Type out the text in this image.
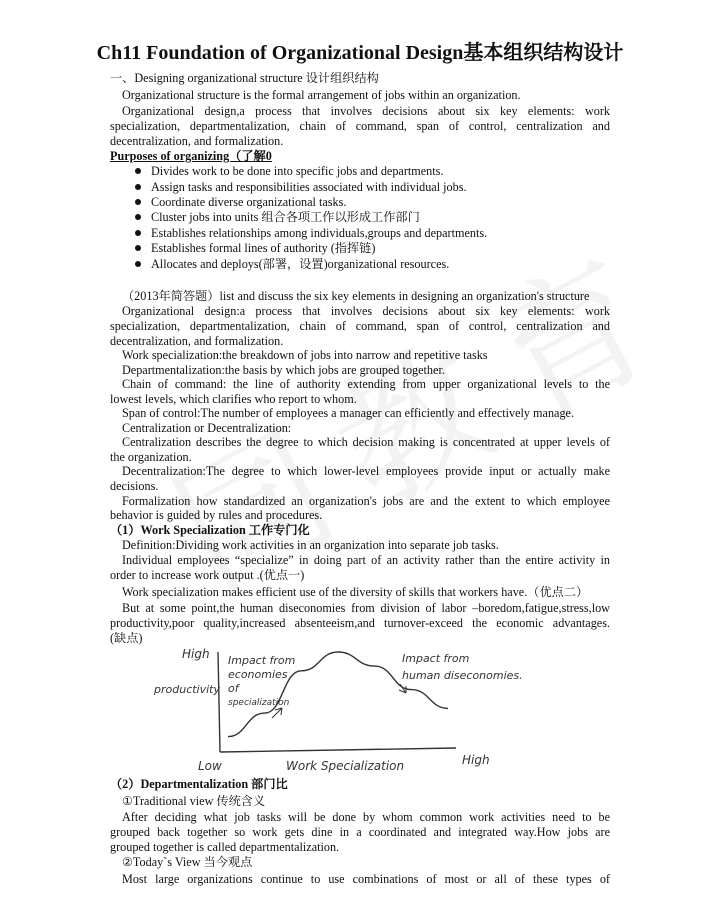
Ch11 Foundation of Organizational Design基本组织结构设计
一、Designing organizational structure 设计组织结构
Organizational structure is the formal arrangement of jobs within an organization.
Organizational design,a process that involves decisions about six key elements: work
specialization, departmentalization, chain of command, span of control, centralization and
decentralization, and formalization.
Purposes of organizing（了解0
Divides work to be done into specific jobs and departments.
Assign tasks and responsibilities associated with individual jobs.
Coordinate diverse organizational tasks.
Cluster jobs into units 组合各项工作以形成工作部门
Establishes relationships among individuals,groups and departments.
Establishes formal lines of authority (指挥链)
Allocates and deploys(部署，设置)organizational resources.
（2013年简答题）list and discuss the six key elements in designing an organization's structure
Organizational design:a process that involves decisions about six key elements: work
specialization, departmentalization, chain of command, span of control, centralization and
decentralization, and formalization.
Work specialization:the breakdown of jobs into narrow and repetitive tasks
Departmentalization:the basis by which jobs are grouped together.
Chain of command: the line of authority extending from upper organizational levels to the
lowest levels, which clarifies who report to whom.
Span of control:The number of employees a manager can efficiently and effectively manage.
Centralization or Decentralization:
Centralization describes the degree to which decision making is concentrated at upper levels of
the organization.
Decentralization:The degree to which lower-level employees provide input or actually make
decisions.
Formalization how standardized an organization's jobs are and the extent to which employee
behavior is guided by rules and procedures.
（1）Work Specialization 工作专门化
Definition:Dividing work activities in an organization into separate job tasks.
Individual employees “specialize” in doing part of an activity rather than the entire activity in
order to increase work output .(优点一)
Work specialization makes efficient use of the diversity of skills that workers have.（优点二）
But at some point,the human diseconomies from division of labor –boredom,fatigue,stress,low
productivity,poor quality,increased absenteeism,and turnover-exceed the economic advantages.
(缺点)
High
productivity
Impact from
economies
of
specialization
Impact from
human diseconomies.
Low	Work Specialization	High
（2）Departmentalization 部门比
①Traditional view 传统含义
After deciding what job tasks will be done by whom common work activities need to be
grouped back together so work gets dine in a coordinated and integrated way.How jobs are
grouped together is called departmentalization.
②Today`s View 当今观点
Most large organizations continue to use combinations of most or all of these types of
